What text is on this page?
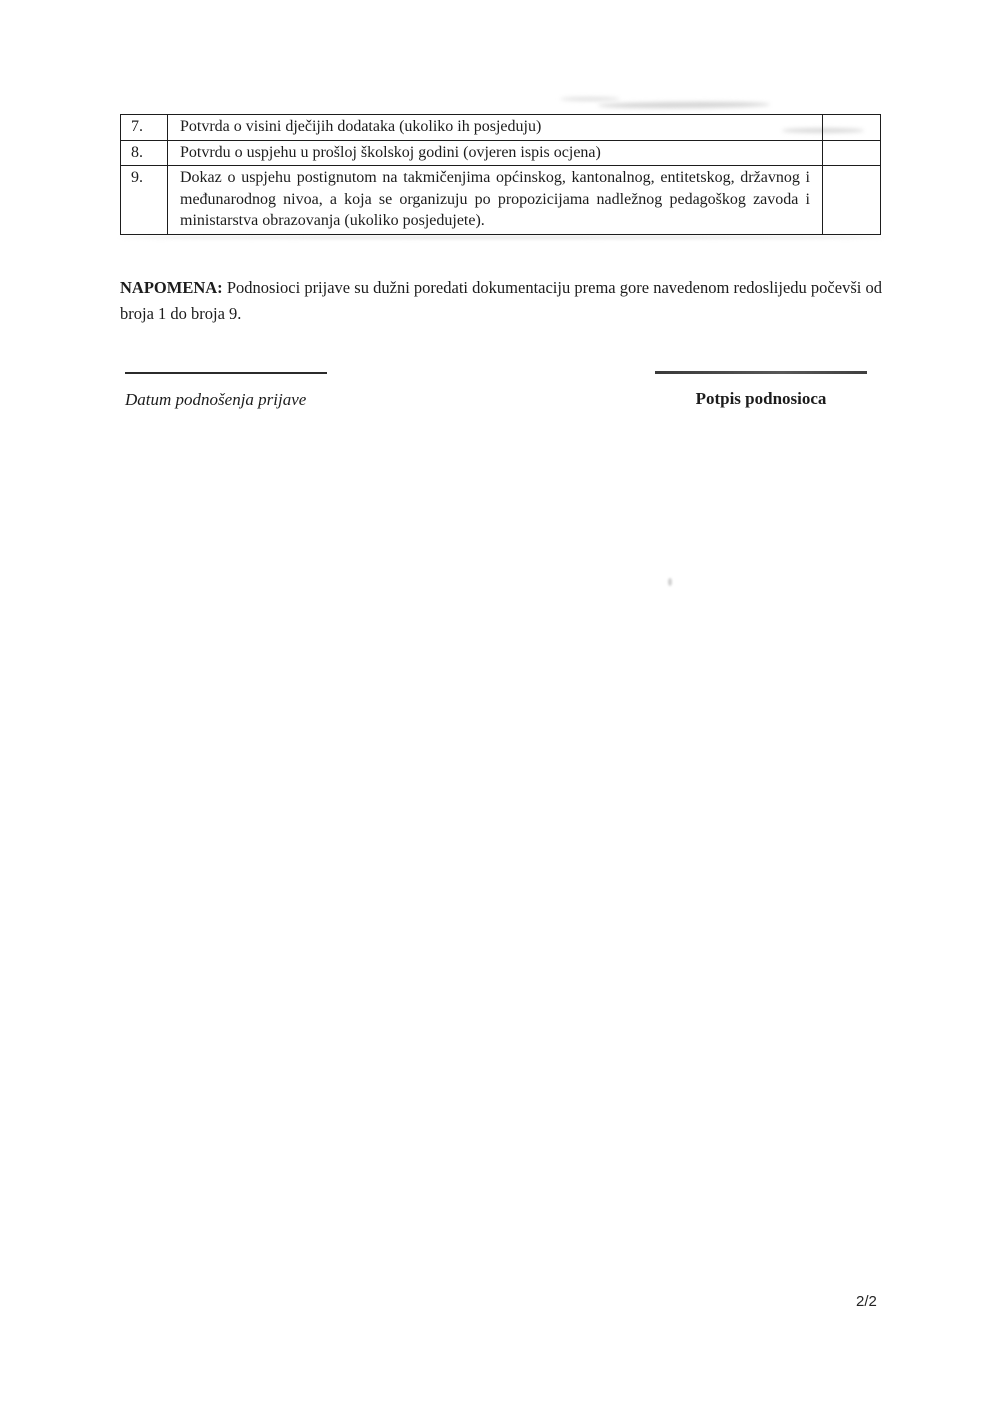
7.	Potvrda o visini dječijih dodataka (ukoliko ih posjeduju)	
8.	Potvrdu o uspjehu u prošloj školskoj godini (ovjeren ispis ocjena)	
9.	Dokaz o uspjehu postignutom na takmičenjima općinskog, kantonalnog, entitetskog, državnog i međunarodnog nivoa, a koja se organizuju po propozicijama nadležnog pedagoškog zavoda i ministarstva obrazovanja (ukoliko posjedujete).	

NAPOMENA: Podnosioci prijave su dužni poredati dokumentaciju prema gore navedenom redoslijedu počevši od broja 1 do broja 9.

Datum podnošenja prijave	Potpis podnosioca
2/2
